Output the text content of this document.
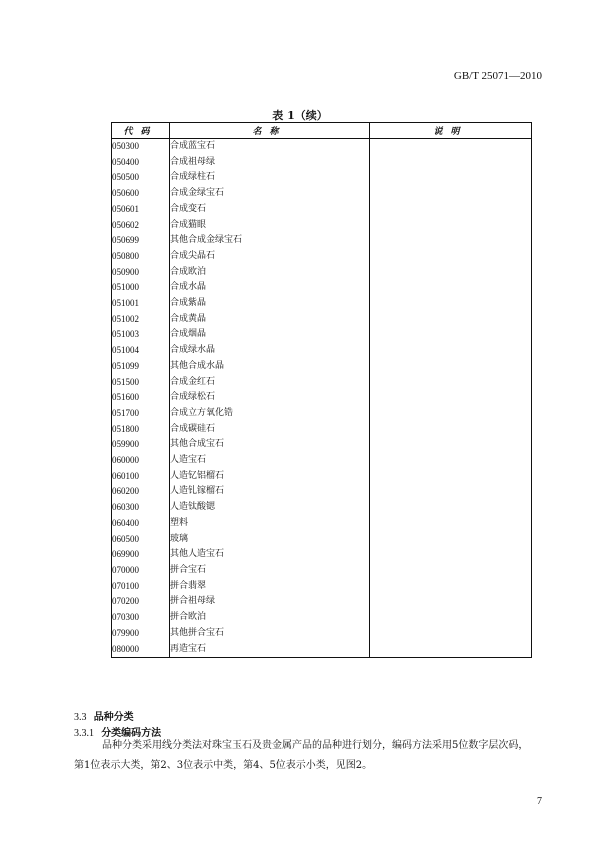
GB/T 25071—2010
表 1（续）
代码	名称	说明
050300	合成蓝宝石	
050400	合成祖母绿	
050500	合成绿柱石	
050600	合成金绿宝石	
050601	合成变石	
050602	合成猫眼	
050699	其他合成金绿宝石	
050800	合成尖晶石	
050900	合成欧泊	
051000	合成水晶	
051001	合成紫晶	
051002	合成黄晶	
051003	合成烟晶	
051004	合成绿水晶	
051099	其他合成水晶	
051500	合成金红石	
051600	合成绿松石	
051700	合成立方氧化锆	
051800	合成碳硅石	
059900	其他合成宝石	
060000	人造宝石	
060100	人造钇铝榴石	
060200	人造钆镓榴石	
060300	人造钛酸锶	
060400	塑料	
060500	玻璃	
069900	其他人造宝石	
070000	拼合宝石	
070100	拼合翡翠	
070200	拼合祖母绿	
070300	拼合欧泊	
079900	其他拼合宝石	
080000	再造宝石	
3.3 品种分类
3.3.1 分类编码方法
品种分类采用线分类法对珠宝玉石及贵金属产品的品种进行划分，编码方法采用5位数字层次码，
第1位表示大类，第2、3位表示中类，第4、5位表示小类，见图2。
7
